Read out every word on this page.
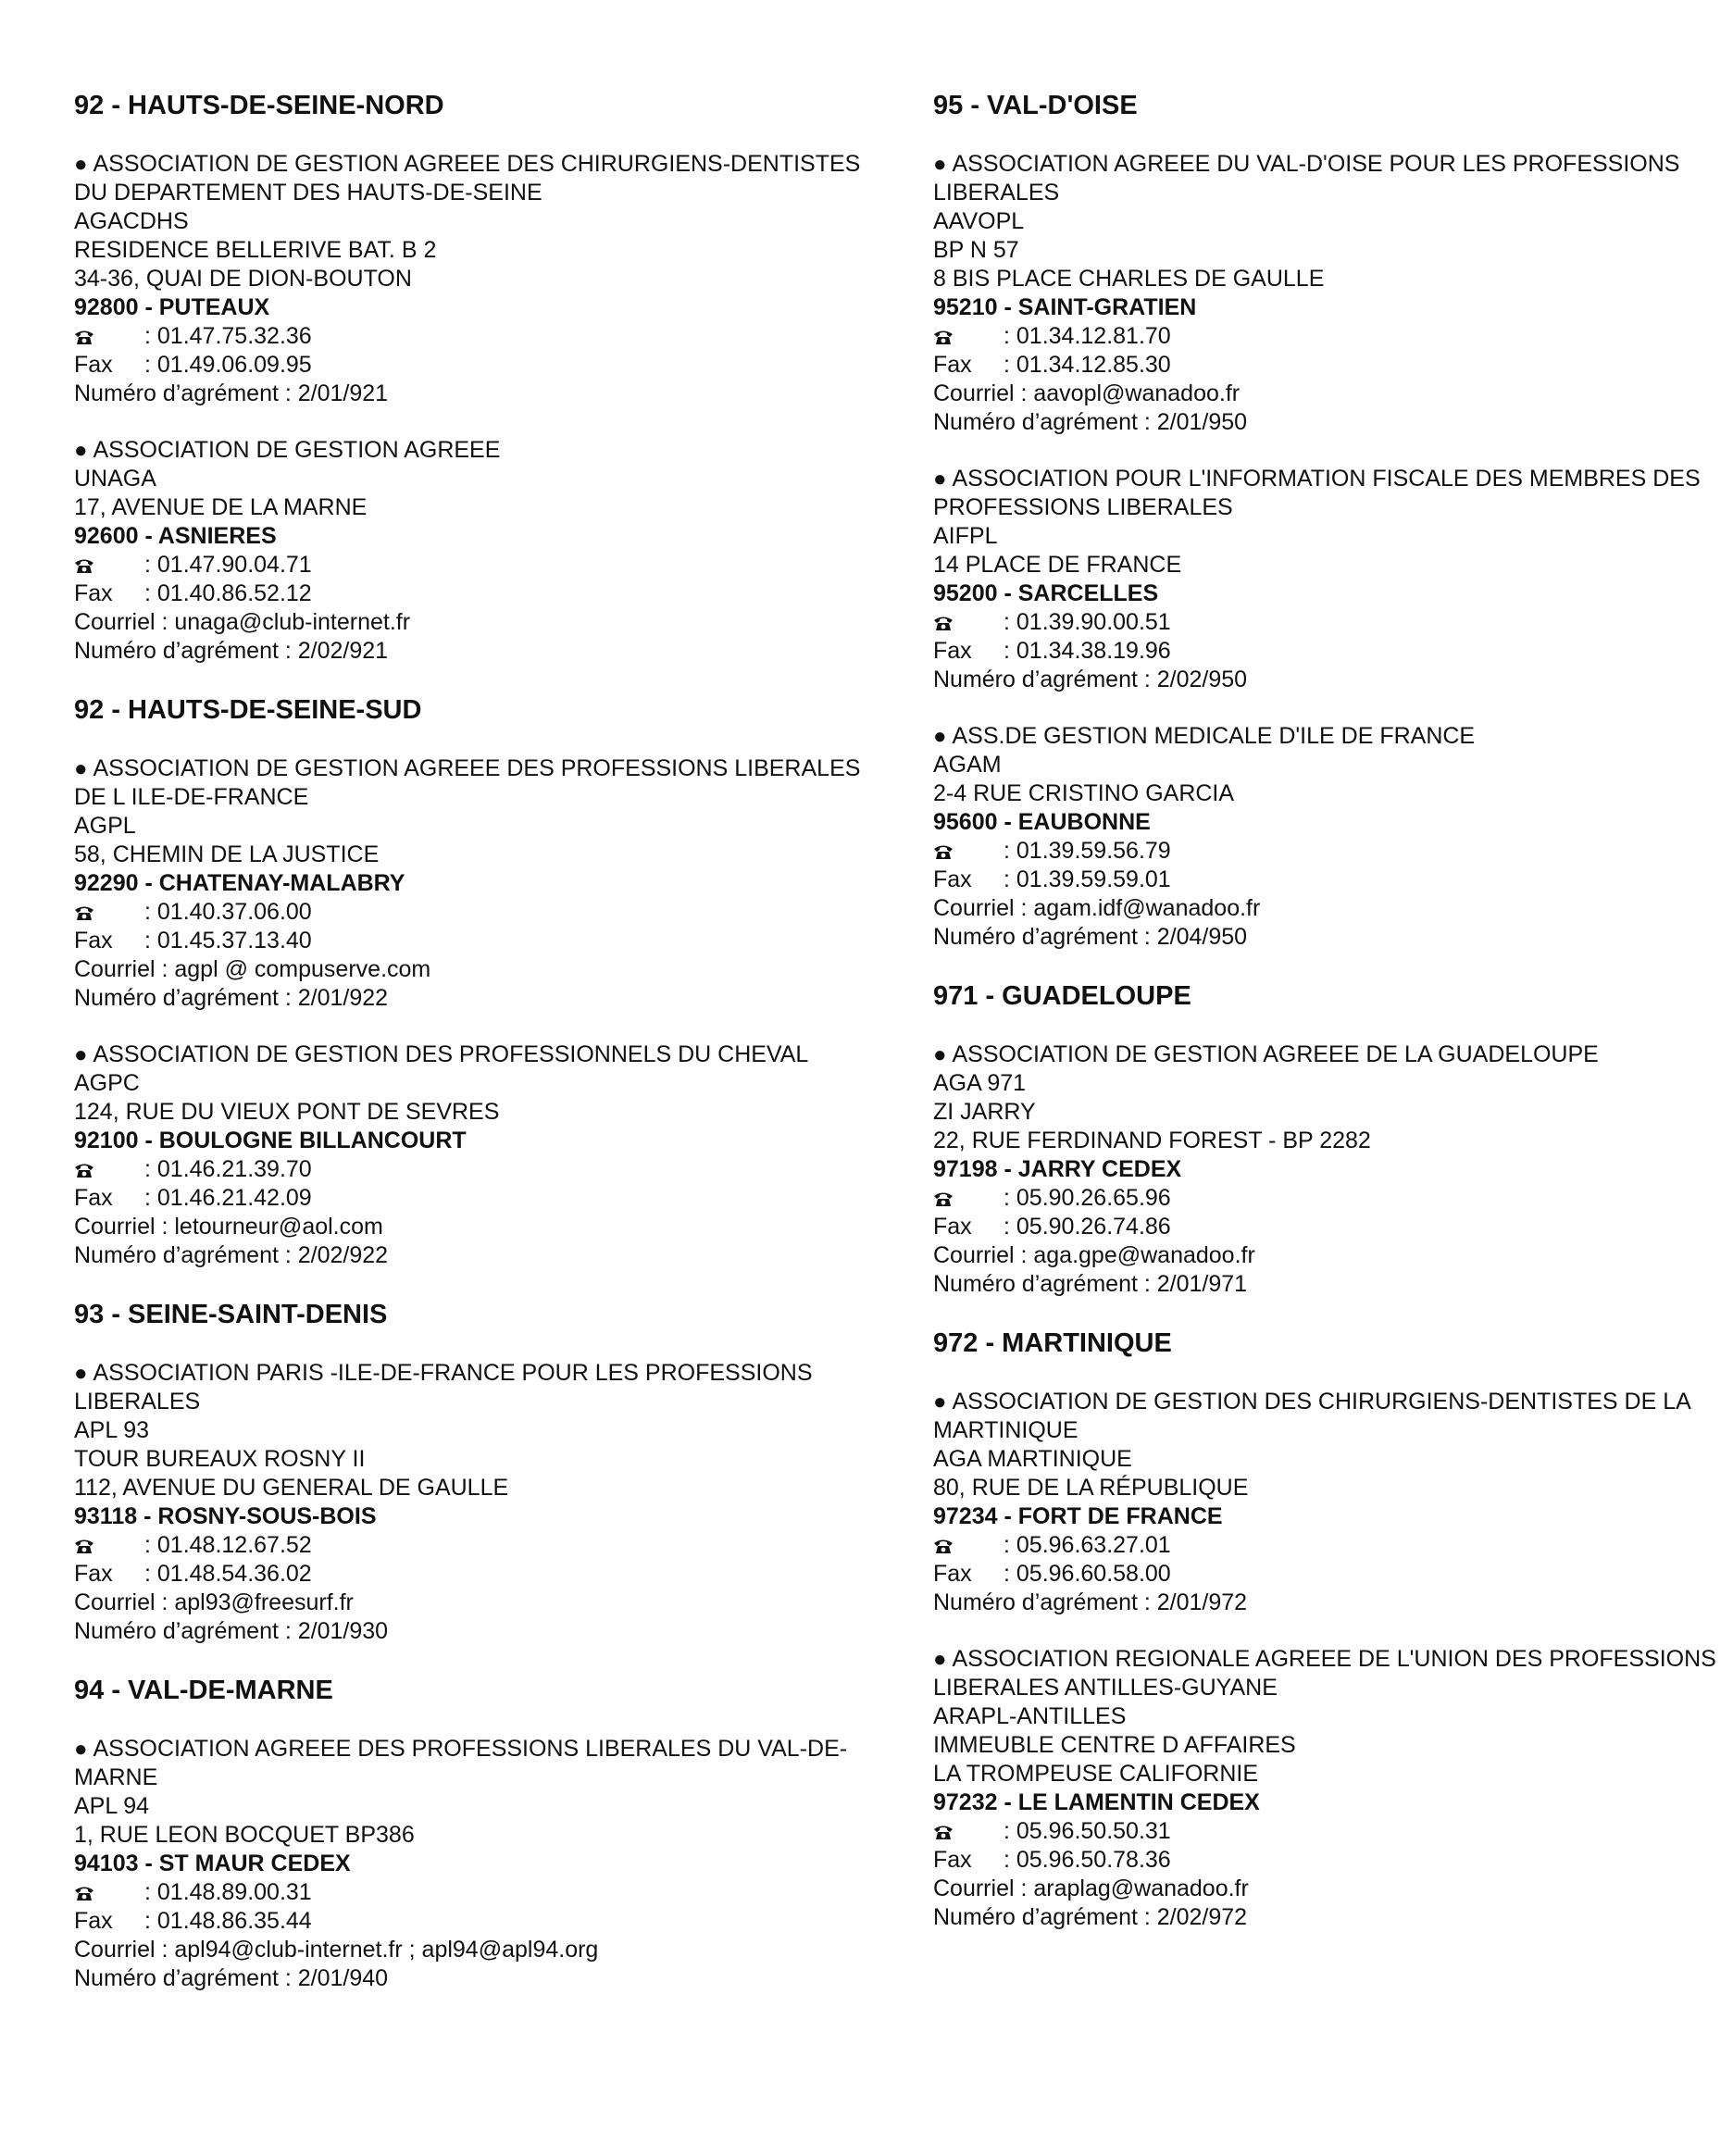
92 - HAUTS-DE-SEINE-NORD
● ASSOCIATION DE GESTION AGREEE DES CHIRURGIENS-DENTISTES DU DEPARTEMENT DES HAUTS-DE-SEINE
AGACDHS
RESIDENCE BELLERIVE BAT. B 2
34-36, QUAI DE DION-BOUTON
92800 - PUTEAUX
: 01.47.75.32.36
Fax	: 01.49.06.09.95
Numéro d’agrément : 2/01/921
● ASSOCIATION DE GESTION AGREEE
UNAGA
17, AVENUE DE LA MARNE
92600 - ASNIERES
: 01.47.90.04.71
Fax	: 01.40.86.52.12
Courriel : unaga@club-internet.fr
Numéro d’agrément : 2/02/921
92 - HAUTS-DE-SEINE-SUD
● ASSOCIATION DE GESTION AGREEE DES PROFESSIONS LIBERALES DE L ILE-DE-FRANCE
AGPL
58, CHEMIN DE LA JUSTICE
92290 - CHATENAY-MALABRY
: 01.40.37.06.00
Fax	: 01.45.37.13.40
Courriel : agpl @ compuserve.com
Numéro d’agrément : 2/01/922
● ASSOCIATION DE GESTION DES PROFESSIONNELS DU CHEVAL
AGPC
124, RUE DU VIEUX PONT DE SEVRES
92100 - BOULOGNE BILLANCOURT
: 01.46.21.39.70
Fax	: 01.46.21.42.09
Courriel : letourneur@aol.com
Numéro d’agrément : 2/02/922
93 - SEINE-SAINT-DENIS
● ASSOCIATION PARIS -ILE-DE-FRANCE POUR LES PROFESSIONS LIBERALES
APL 93
TOUR BUREAUX ROSNY II
112, AVENUE DU GENERAL DE GAULLE
93118 - ROSNY-SOUS-BOIS
: 01.48.12.67.52
Fax	: 01.48.54.36.02
Courriel : apl93@freesurf.fr
Numéro d’agrément : 2/01/930
94 - VAL-DE-MARNE
● ASSOCIATION AGREEE DES PROFESSIONS LIBERALES DU VAL-DE-MARNE
APL 94
1, RUE LEON BOCQUET BP386
94103 - ST MAUR CEDEX
: 01.48.89.00.31
Fax	: 01.48.86.35.44
Courriel : apl94@club-internet.fr ; apl94@apl94.org
Numéro d’agrément : 2/01/940
95 - VAL-D'OISE
● ASSOCIATION AGREEE DU VAL-D'OISE POUR LES PROFESSIONS LIBERALES
AAVOPL
BP N 57
8 BIS PLACE CHARLES DE GAULLE
95210 - SAINT-GRATIEN
: 01.34.12.81.70
Fax	: 01.34.12.85.30
Courriel : aavopl@wanadoo.fr
Numéro d’agrément : 2/01/950
● ASSOCIATION POUR L'INFORMATION FISCALE DES MEMBRES DES PROFESSIONS LIBERALES
AIFPL
14 PLACE DE FRANCE
95200 - SARCELLES
: 01.39.90.00.51
Fax	: 01.34.38.19.96
Numéro d’agrément : 2/02/950
● ASS.DE GESTION MEDICALE D'ILE DE FRANCE
AGAM
2-4 RUE CRISTINO GARCIA
95600 - EAUBONNE
: 01.39.59.56.79
Fax	: 01.39.59.59.01
Courriel : agam.idf@wanadoo.fr
Numéro d’agrément : 2/04/950
971 - GUADELOUPE
● ASSOCIATION DE GESTION AGREEE DE LA GUADELOUPE
AGA 971
ZI JARRY
22, RUE FERDINAND FOREST - BP 2282
97198 - JARRY CEDEX
: 05.90.26.65.96
Fax	: 05.90.26.74.86
Courriel : aga.gpe@wanadoo.fr
Numéro d’agrément : 2/01/971
972 - MARTINIQUE
● ASSOCIATION DE GESTION DES CHIRURGIENS-DENTISTES DE LA MARTINIQUE
AGA MARTINIQUE
80, RUE DE LA RÉPUBLIQUE
97234 - FORT DE FRANCE
: 05.96.63.27.01
Fax	: 05.96.60.58.00
Numéro d’agrément : 2/01/972
● ASSOCIATION REGIONALE AGREEE DE L'UNION DES PROFESSIONS LIBERALES ANTILLES-GUYANE
ARAPL-ANTILLES
IMMEUBLE CENTRE D AFFAIRES
LA TROMPEUSE CALIFORNIE
97232 - LE LAMENTIN CEDEX
: 05.96.50.50.31
Fax	: 05.96.50.78.36
Courriel : araplag@wanadoo.fr
Numéro d’agrément : 2/02/972
